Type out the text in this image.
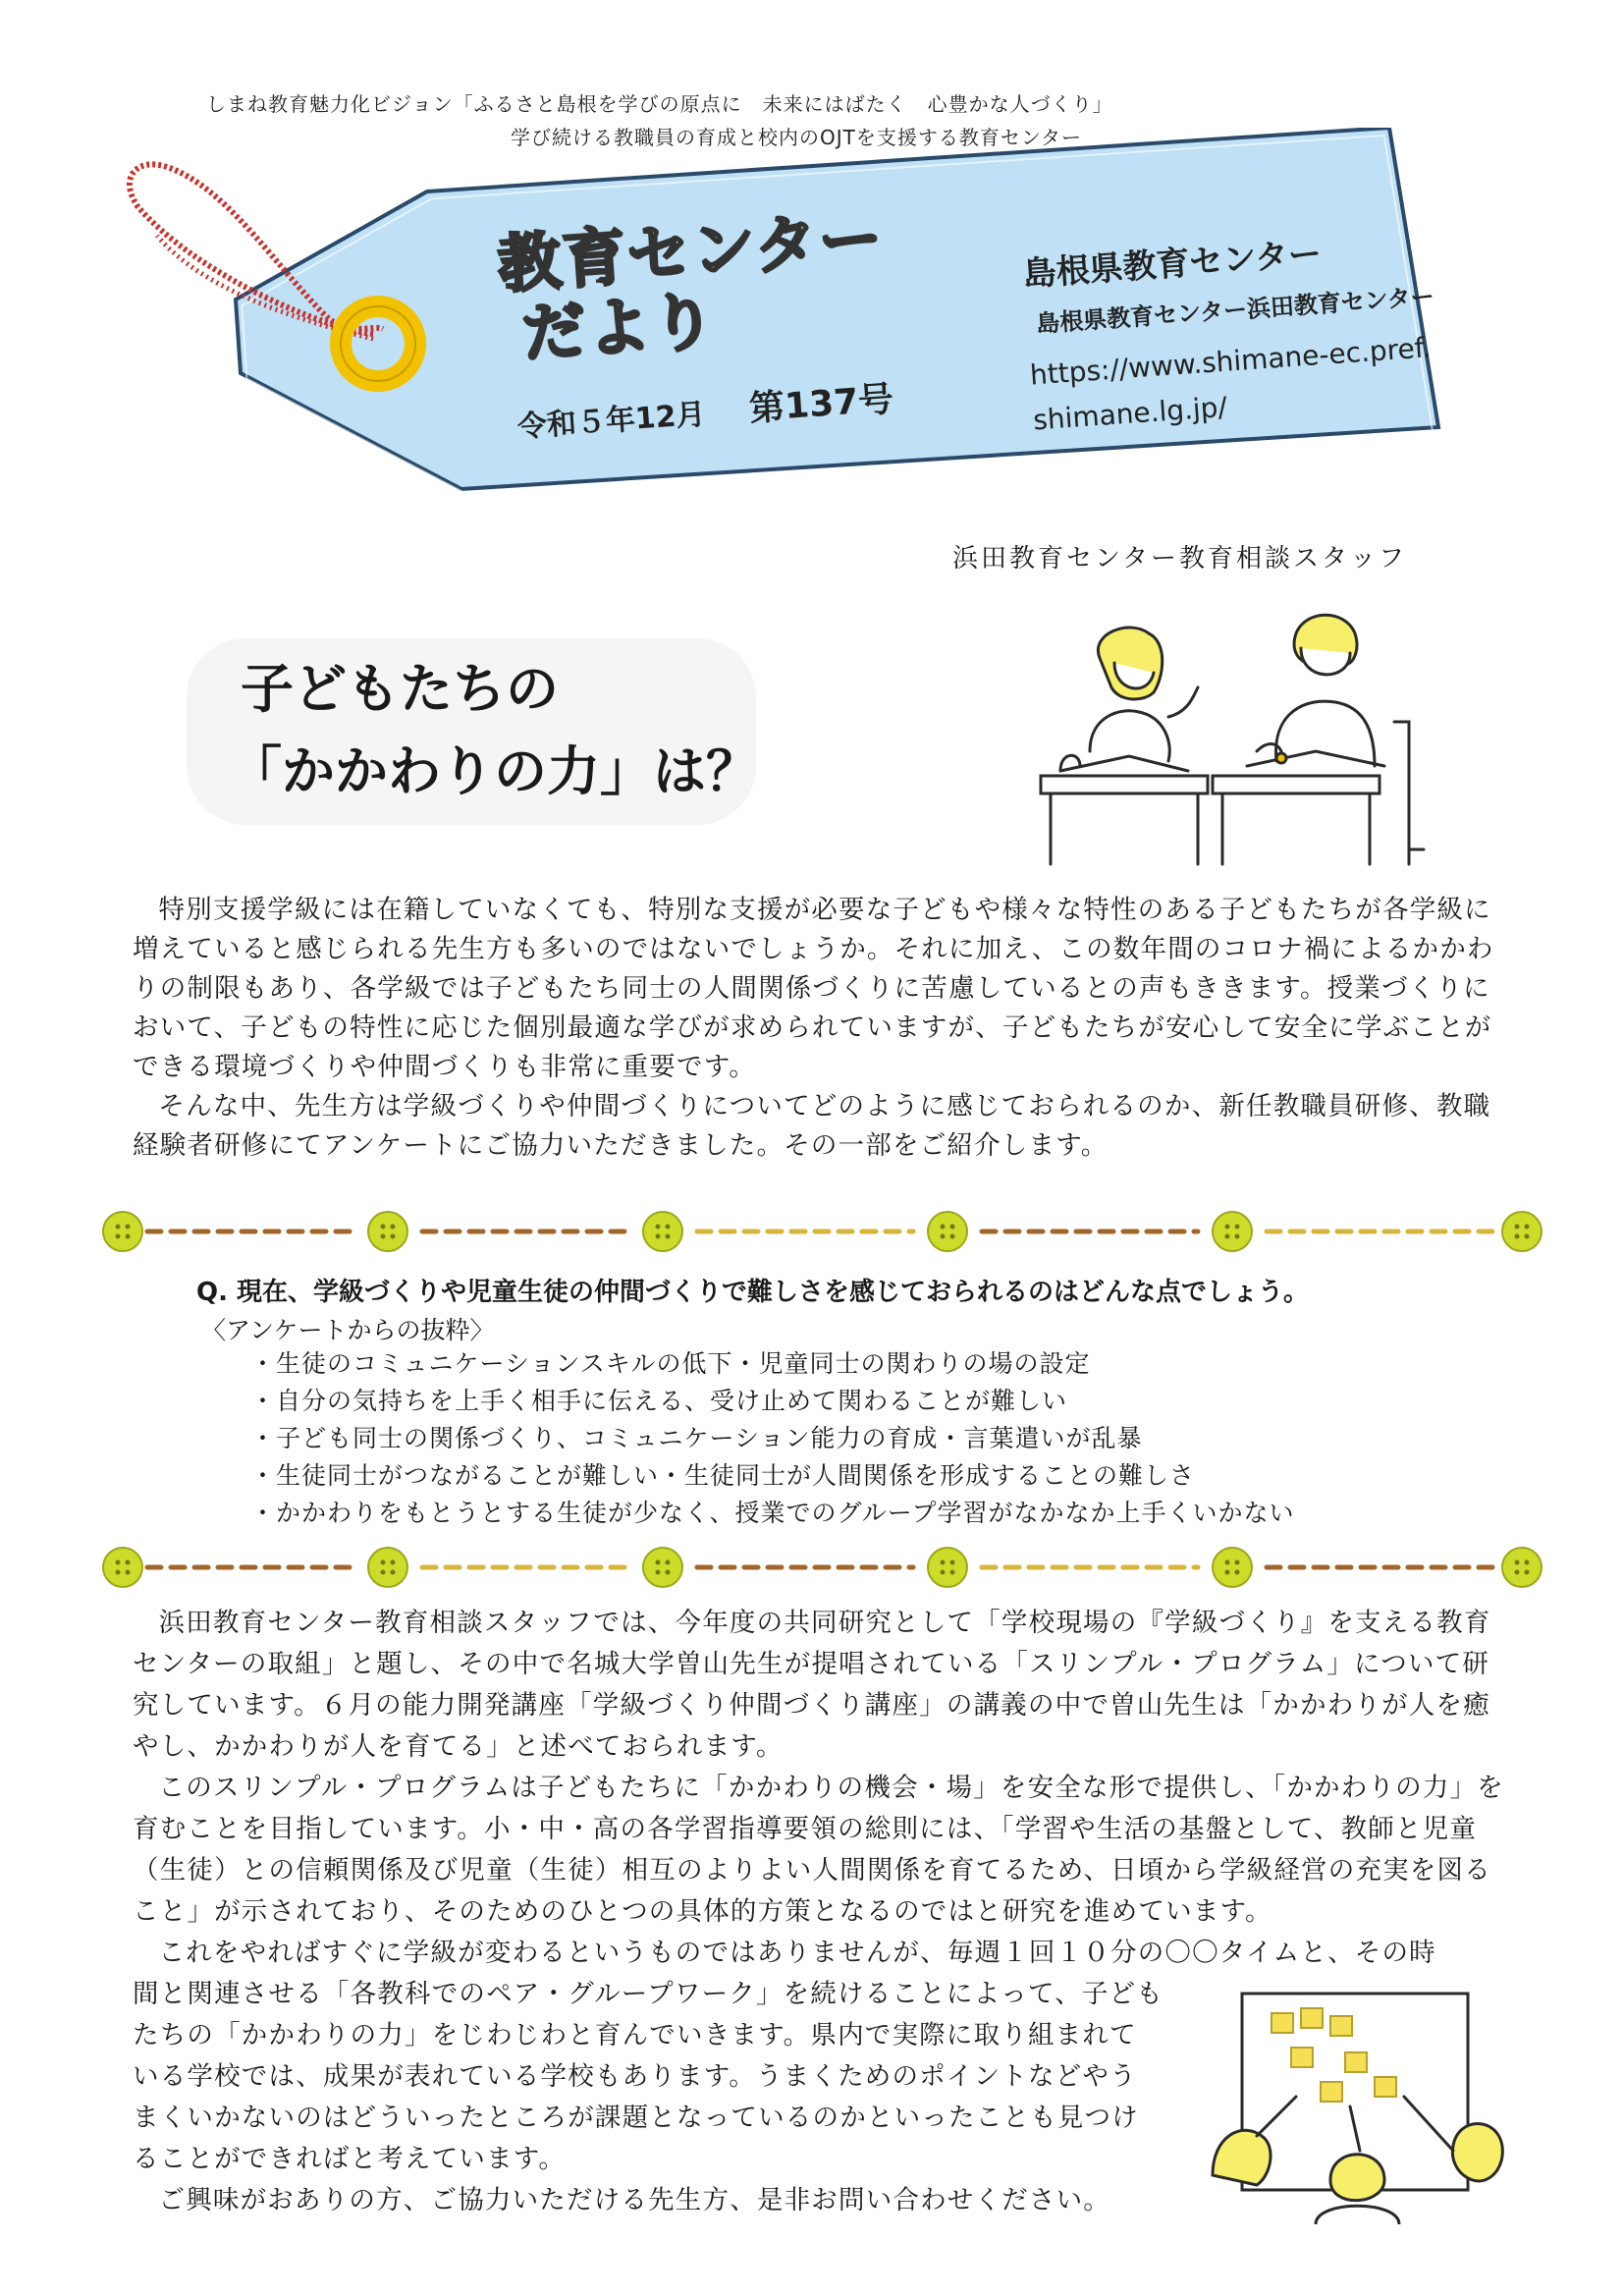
しまね教育魅力化ビジョン「ふるさと島根を学びの原点に　未来にはばたく　心豊かな人づくり」
学び続ける教職員の育成と校内のOJTを支援する教育センター
教育センター
だより
令和５年12月 第137号
島根県教育センター
島根県教育センター浜田教育センター
https://www.shimane-ec.pref.
shimane.lg.jp/
浜田教育センター教育相談スタッフ
子どもたちの
「かかわりの力」は？

特別支援学級には在籍していなくても、特別な支援が必要な子どもや様々な特性のある子どもたちが各学級に増えていると感じられる先生方も多いのではないでしょうか。それに加え、この数年間のコロナ禍によるかかわりの制限もあり、各学級では子どもたち同士の人間関係づくりに苦慮しているとの声もききます。授業づくりにおいて、子どもの特性に応じた個別最適な学びが求められていますが、子どもたちが安心して安全に学ぶことができる環境づくりや仲間づくりも非常に重要です。

そんな中、先生方は学級づくりや仲間づくりについてどのように感じておられるのか、新任教職員研修、教職経験者研修にてアンケートにご協力いただきました。その一部をご紹介します。

Q. 現在、学級づくりや児童生徒の仲間づくりで難しさを感じておられるのはどんな点でしょう。
〈アンケートからの抜粋〉
・生徒のコミュニケーションスキルの低下・児童同士の関わりの場の設定
・自分の気持ちを上手く相手に伝える、受け止めて関わることが難しい
・子ども同士の関係づくり、コミュニケーション能力の育成・言葉遣いが乱暴
・生徒同士がつながることが難しい・生徒同士が人間関係を形成することの難しさ
・かかわりをもとうとする生徒が少なく、授業でのグループ学習がなかなか上手くいかない

浜田教育センター教育相談スタッフでは、今年度の共同研究として「学校現場の『学級づくり』を支える教育センターの取組」と題し、その中で名城大学曽山先生が提唱されている「スリンプル・プログラム」について研究しています。６月の能力開発講座「学級づくり仲間づくり講座」の講義の中で曽山先生は「かかわりが人を癒やし、かかわりが人を育てる」と述べておられます。

このスリンプル・プログラムは子どもたちに「かかわりの機会・場」を安全な形で提供し、「かかわりの力」を育むことを目指しています。小・中・高の各学習指導要領の総則には、「学習や生活の基盤として、教師と児童（生徒）との信頼関係及び児童（生徒）相互のよりよい人間関係を育てるため、日頃から学級経営の充実を図ること」が示されており、そのためのひとつの具体的方策となるのではと研究を進めています。

これをやればすぐに学級が変わるというものではありませんが、毎週１回１０分の〇〇タイムと、その時

間と関連させる「各教科でのペア・グループワーク」を続けることによって、子どもたちの「かかわりの力」をじわじわと育んでいきます。県内で実際に取り組まれている学校では、成果が表れている学校もあります。うまくためのポイントなどやうまくいかないのはどういったところが課題となっているのかといったことも見つけることができればと考えています。

ご興味がおありの方、ご協力いただける先生方、是非お問い合わせください。
